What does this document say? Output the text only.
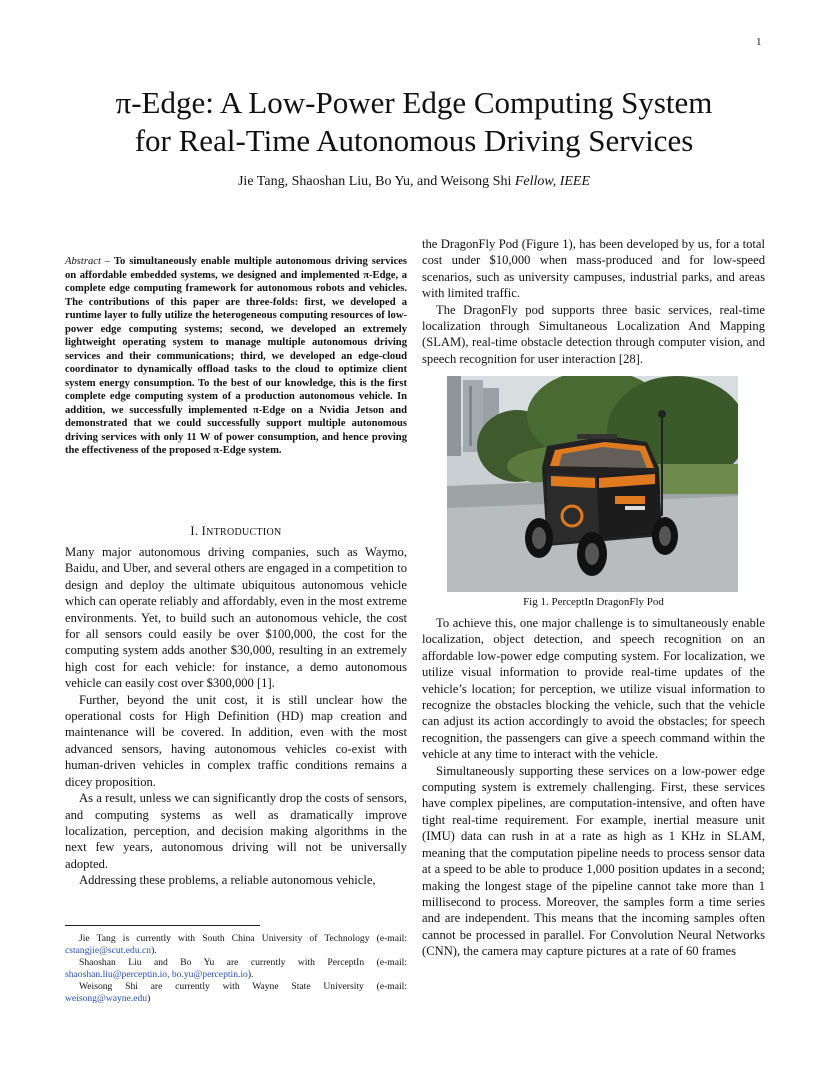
1
π-Edge: A Low-Power Edge Computing System
for Real-Time Autonomous Driving Services
Jie Tang, Shaoshan Liu, Bo Yu, and Weisong Shi Fellow, IEEE
Abstract – To simultaneously enable multiple autonomous driving services on affordable embedded systems, we designed and implemented π-Edge, a complete edge computing framework for autonomous robots and vehicles. The contributions of this paper are three-folds: first, we developed a runtime layer to fully utilize the heterogeneous computing resources of low-power edge computing systems; second, we developed an extremely lightweight operating system to manage multiple autonomous driving services and their communications; third, we developed an edge-cloud coordinator to dynamically offload tasks to the cloud to optimize client system energy consumption. To the best of our knowledge, this is the first complete edge computing system of a production autonomous vehicle. In addition, we successfully implemented π-Edge on a Nvidia Jetson and demonstrated that we could successfully support multiple autonomous driving services with only 11 W of power consumption, and hence proving the effectiveness of the proposed π-Edge system.
I. INTRODUCTION

Many major autonomous driving companies, such as Waymo, Baidu, and Uber, and several others are engaged in a competition to design and deploy the ultimate ubiquitous autonomous vehicle which can operate reliably and affordably, even in the most extreme environments. Yet, to build such an autonomous vehicle, the cost for all sensors could easily be over $100,000, the cost for the computing system adds another $30,000, resulting in an extremely high cost for each vehicle: for instance, a demo autonomous vehicle can easily cost over $300,000 [1].

Further, beyond the unit cost, it is still unclear how the operational costs for High Definition (HD) map creation and maintenance will be covered. In addition, even with the most advanced sensors, having autonomous vehicles co-exist with human-driven vehicles in complex traffic conditions remains a dicey proposition.

As a result, unless we can significantly drop the costs of sensors, and computing systems as well as dramatically improve localization, perception, and decision making algorithms in the next few years, autonomous driving will not be universally adopted.

Addressing these problems, a reliable autonomous vehicle,

Jie Tang is currently with South China University of Technology (e-mail: cstangjie@scut.edu.cn).

Shaoshan Liu and Bo Yu are currently with PerceptIn (e-mail: shaoshan.liu@perceptin.io, bo.yu@perceptin.io).

Weisong Shi are currently with Wayne State University (e-mail: weisong@wayne.edu)

the DragonFly Pod (Figure 1), has been developed by us, for a total cost under $10,000 when mass-produced and for low-speed scenarios, such as university campuses, industrial parks, and areas with limited traffic.

The DragonFly pod supports three basic services, real-time localization through Simultaneous Localization And Mapping (SLAM), real-time obstacle detection through computer vision, and speech recognition for user interaction [28].

Fig 1. PerceptIn DragonFly Pod

To achieve this, one major challenge is to simultaneously enable localization, object detection, and speech recognition on an affordable low-power edge computing system. For localization, we utilize visual information to provide real-time updates of the vehicle’s location; for perception, we utilize visual information to recognize the obstacles blocking the vehicle, such that the vehicle can adjust its action accordingly to avoid the obstacles; for speech recognition, the passengers can give a speech command within the vehicle at any time to interact with the vehicle.

Simultaneously supporting these services on a low-power edge computing system is extremely challenging. First, these services have complex pipelines, are computation-intensive, and often have tight real-time requirement. For example, inertial measure unit (IMU) data can rush in at a rate as high as 1 KHz in SLAM, meaning that the computation pipeline needs to process sensor data at a speed to be able to produce 1,000 position updates in a second; making the longest stage of the pipeline cannot take more than 1 millisecond to process. Moreover, the samples form a time series and are independent. This means that the incoming samples often cannot be processed in parallel. For Convolution Neural Networks (CNN), the camera may capture pictures at a rate of 60 frames
